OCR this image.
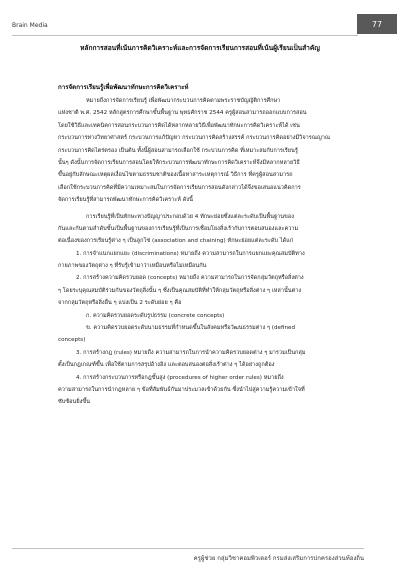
Brain Media	77
หลักการสอนที่เน้นการคิดวิเคราะห์และการจัดการเรียนการสอนที่เน้นผู้เรียนเป็นสำคัญ
การจัดการเรียนรู้เพื่อพัฒนาทักษะการคิดวิเคราะห์
หมายถึงการจัดการเรียนรู้ เพื่อพัฒนากระบวนการคิดตามพระราชบัญญัติการศึกษา
แห่งชาติ พ.ศ. 2542 หลักสูตรการศึกษาขั้นพื้นฐาน พุทธศักราช 2544 ครูผู้สอนสามารถออกแบบการสอน
โดยใช้วิธีและเทคนิคการสอนกระบวนการคิดได้หลากหลายวิธีเพื่อพัฒนาทักษะการคิดวิเคราะห์ได้ เช่น
กระบวนการทางวิทยาศาสตร์ กระบวนการแก้ปัญหา กระบวนการคิดสร้างสรรค์ กระบวนการคิดอย่างมีวิจารณญาณ
กระบวนการคิดไตร่ตรอง เป็นต้น ทั้งนี้ผู้สอนสามารถเลือกใช้ กระบวนการคิด ที่เหมาะสมกับการเรียนรู้
นั้นๆ ดังนั้นการจัดการเรียนการสอนโดยให้กระบวนการพัฒนาทักษะการคิดวิเคราะห์จึงมีหลากหลายวิธี
ขึ้นอยู่กับลักษณะเหตุผลเงื่อนไขตามธรรมชาติของเนื้อหาสาระเหตุการณ์ วิธีการ ที่ครูผู้สอนสามารถ
เลือกใช้กระบวนการคิดที่มีความเหมาะสมในการจัดการเรียนการสอนดังกล่าวได้จึงขอเสนอแนวคิดการ
จัดการเรียนรู้ที่สามารถพัฒนาทักษะการคิดวิเคราะห์ ดังนี้
การเรียนรู้ที่เป็นทักษะทางปัญญาประกอบด้วย 4 ทักษะย่อยซึ่งแต่ละระดับเป็นพื้นฐานของ
กันและกันตามลำดับขั้นเป็นพื้นฐานของการเรียนรู้ที่เป็นการเชื่อมโยงสิ่งเร้ากับการตอบสนองและความ
ต่อเนื่องของการเรียนรู้ต่าง ๆ เป็นลูกโซ่ (association and chaining) ทักษะย่อยแต่ละระดับ ได้แก่
1. การจำแนกแยกแยะ (discriminations) หมายถึง ความสามารถในการแยกแยะคุณสมบัติทาง
กายภาพของวัตถุต่าง ๆ ที่รับรู้เข้ามาว่าเหมือนหรือไม่เหมือนกัน
2. การสร้างความคิดรวบยอด (concepts) หมายถึง ความสามารถในการจัดกลุ่มวัตถุหรือสิ่งต่าง
ๆ โดยระบุคุณสมบัติร่วมกันของวัตถุสิ่งนั้น ๆ ซึ่งเป็นคุณสมบัติที่ทำให้กลุ่มวัตถุหรือสิ่งต่าง ๆ เหล่านั้นต่าง
จากกลุ่มวัตถุหรือสิ่งอื่น ๆ แบ่งเป็น 2 ระดับย่อย ๆ คือ
ก. ความคิดรวบยอดระดับรูปธรรม (concrete concepts)
ข. ความคิดรวบยอดระดับนามธรรมที่กำหนดขึ้นในสังคมหรือวัฒนธรรมต่าง ๆ (defined
concepts)
3. การสร้างกฎ (rules) หมายถึง ความสามารถในการนำความคิดรวบยอดต่าง ๆ มารวมเป็นกลุ่ม
ตั้งเป็นกฎเกณฑ์ขึ้น เพื่อใช้ตามการสรุปอ้างอิง และตอบสนองต่อสิ่งเร้าต่าง ๆ ได้อย่างถูกต้อง
4. การสร้างกระบวนการหรือกฎขั้นสูง (procedures of higher order rules) หมายถึง
ความสามารถในการนำกฎหลาย ๆ ข้อที่สัมพันธ์กันมาประมวลเข้าด้วยกัน ซึ่งนำไปสู่ความรู้ความเข้าใจที่
ซับซ้อนยิ่งขึ้น
ครูผู้ช่วย กลุ่มวิชาคอมพิวเตอร์ กรมส่งเสริมการปกครองส่วนท้องถิ่น
